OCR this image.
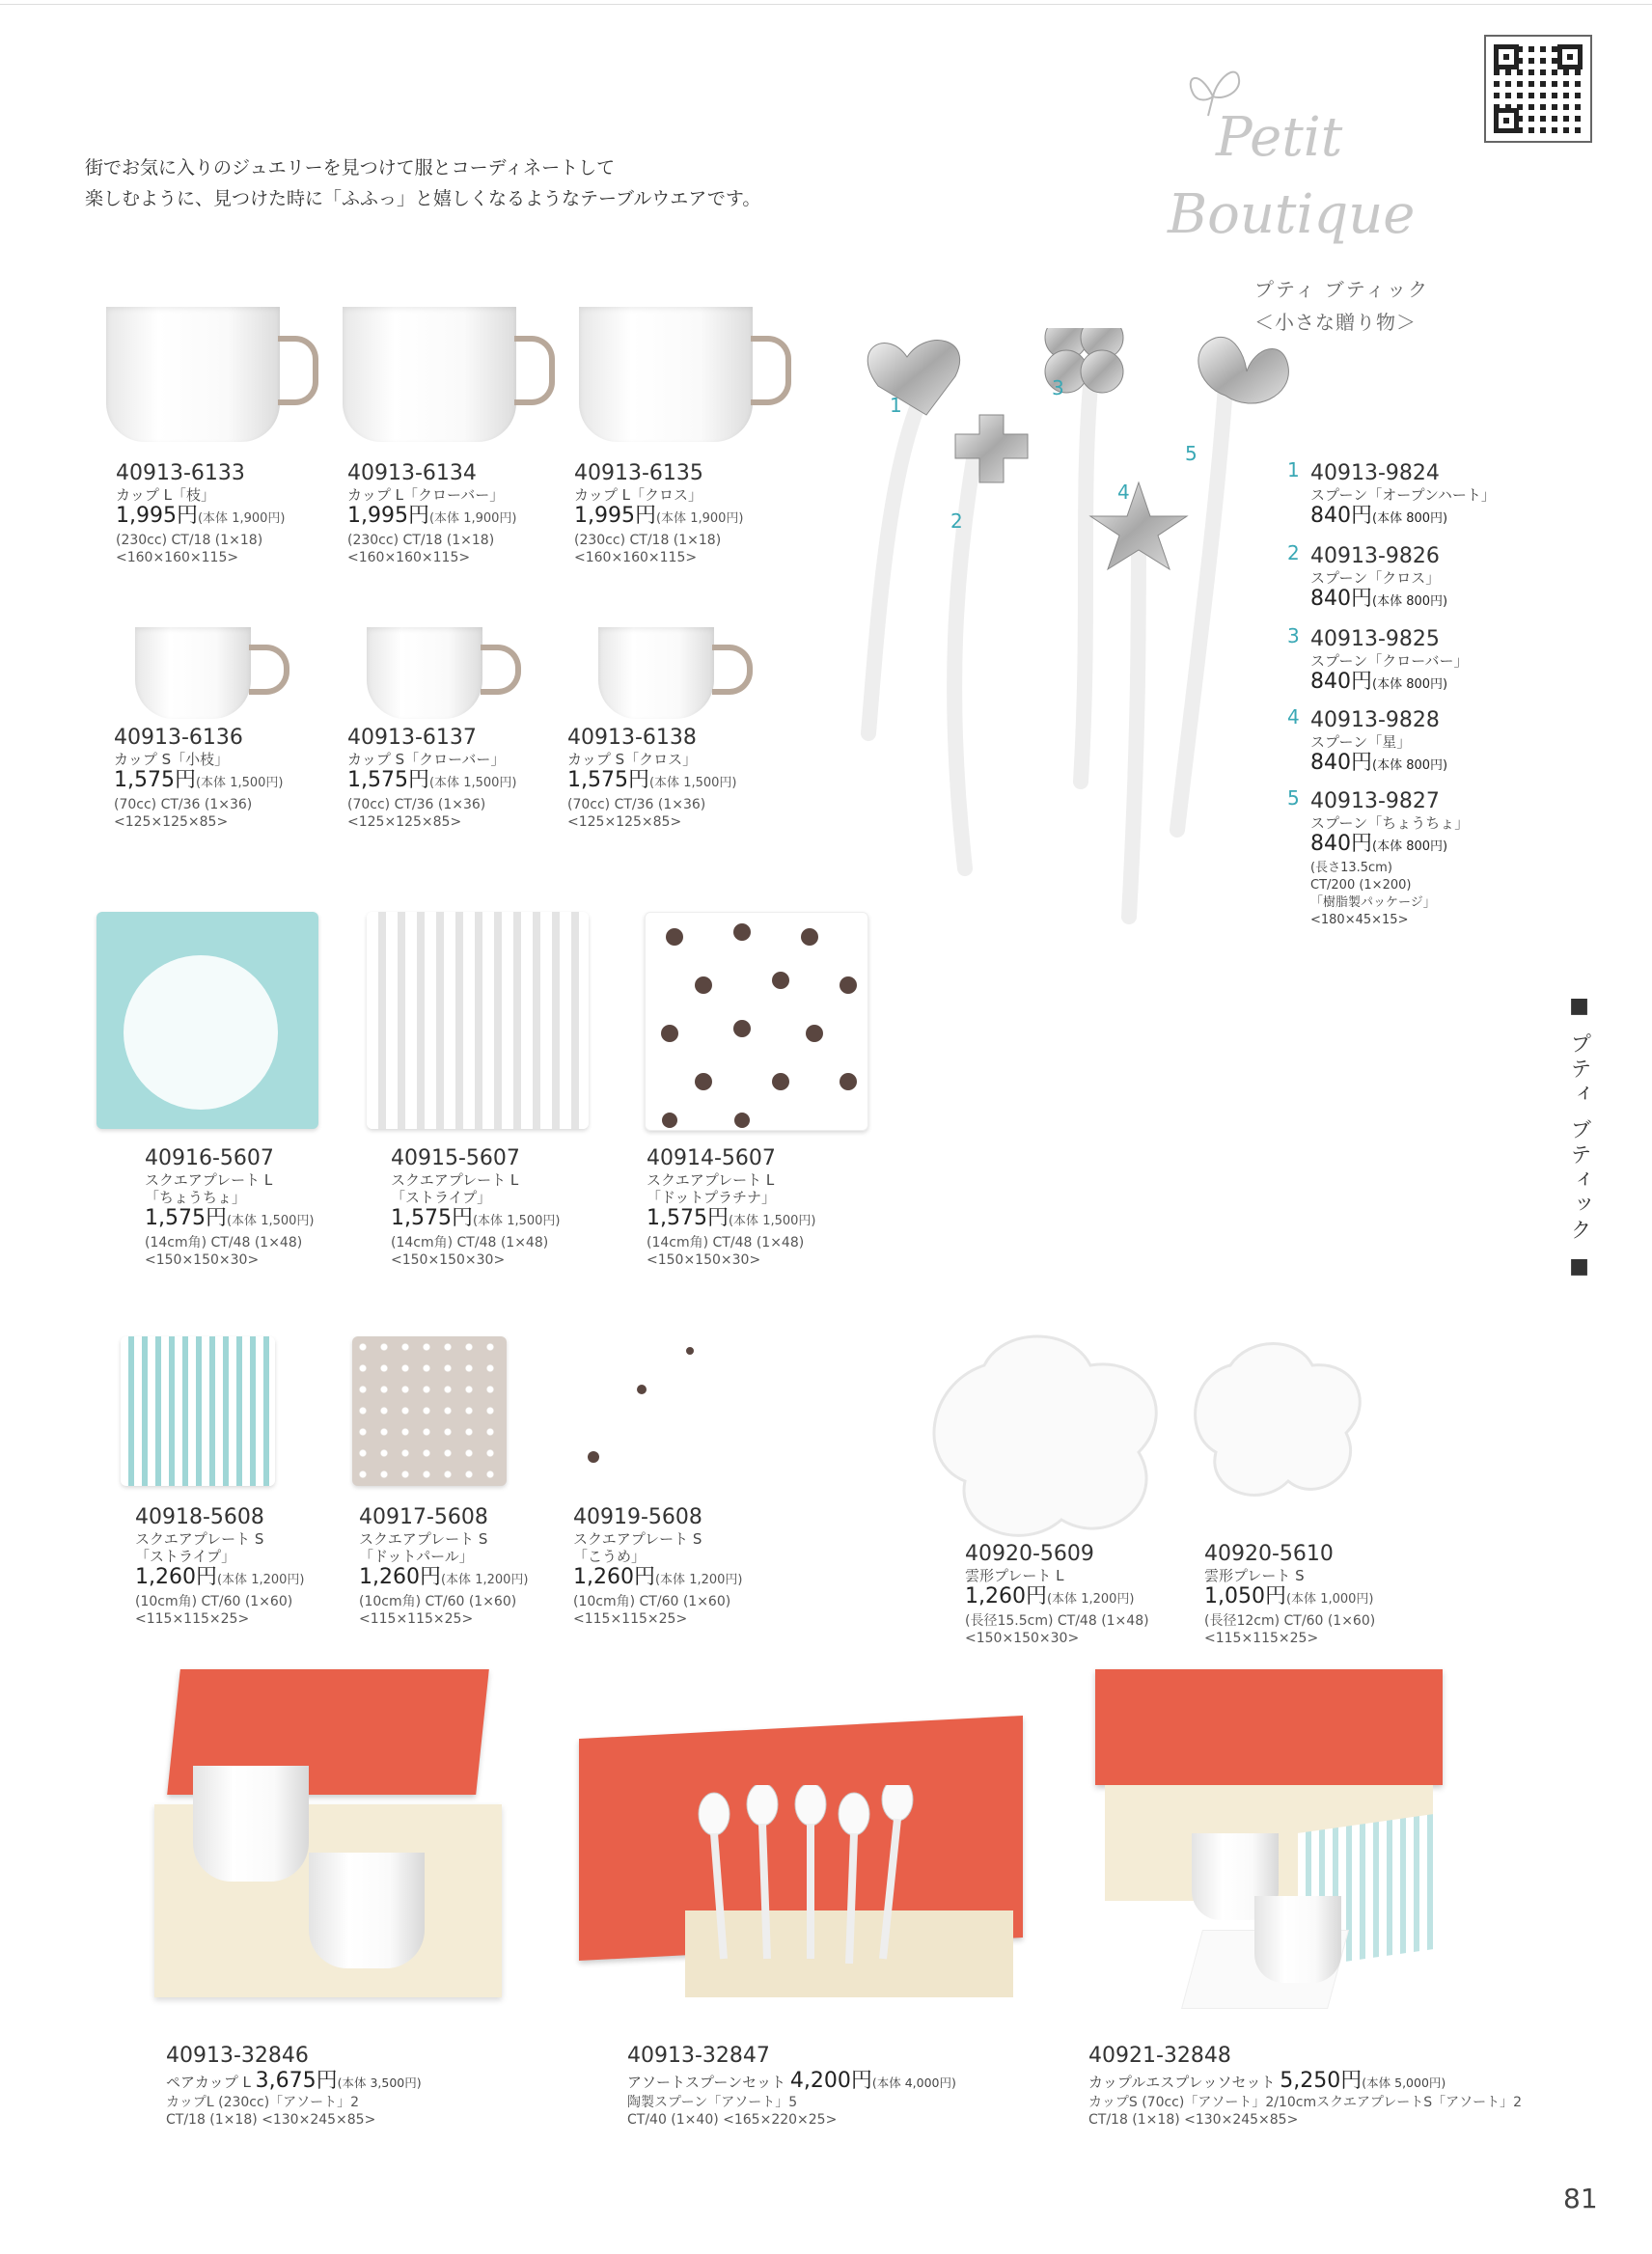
街でお気に入りのジュエリーを見つけて服とコーディネートして
楽しむように、見つけた時に「ふふっ」と嬉しくなるようなテーブルウエアです。
Petit
Boutique
プティ ブティック
＜小さな贈り物＞
40913-6133
カップ L「枝」
1,995円(本体 1,900円)
(230cc) CT/18 (1×18)
<160×160×115>
40913-6134
カップ L「クローバー」
1,995円(本体 1,900円)
(230cc) CT/18 (1×18)
<160×160×115>
40913-6135
カップ L「クロス」
1,995円(本体 1,900円)
(230cc) CT/18 (1×18)
<160×160×115>
40913-6136
カップ S「小枝」
1,575円(本体 1,500円)
(70cc) CT/36 (1×36)
<125×125×85>
40913-6137
カップ S「クローバー」
1,575円(本体 1,500円)
(70cc) CT/36 (1×36)
<125×125×85>
40913-6138
カップ S「クロス」
1,575円(本体 1,500円)
(70cc) CT/36 (1×36)
<125×125×85>
1
2
3
4
5
1 40913-9824
スプーン「オープンハート」
840円(本体 800円)
2 40913-9826
スプーン「クロス」
840円(本体 800円)
3 40913-9825
スプーン「クローバー」
840円(本体 800円)
4 40913-9828
スプーン「星」
840円(本体 800円)
5 40913-9827
スプーン「ちょうちょ」
840円(本体 800円)
(長さ13.5cm)
CT/200 (1×200)
「樹脂製パッケージ」
<180×45×15>
■ プティ ブティック ■
40916-5607
スクエアプレート L
「ちょうちょ」
1,575円(本体 1,500円)
(14cm角) CT/48 (1×48)
<150×150×30>
40915-5607
スクエアプレート L
「ストライプ」
1,575円(本体 1,500円)
(14cm角) CT/48 (1×48)
<150×150×30>
40914-5607
スクエアプレート L
「ドットプラチナ」
1,575円(本体 1,500円)
(14cm角) CT/48 (1×48)
<150×150×30>
40918-5608
スクエアプレート S
「ストライプ」
1,260円(本体 1,200円)
(10cm角) CT/60 (1×60)
<115×115×25>
40917-5608
スクエアプレート S
「ドットパール」
1,260円(本体 1,200円)
(10cm角) CT/60 (1×60)
<115×115×25>
40919-5608
スクエアプレート S
「こうめ」
1,260円(本体 1,200円)
(10cm角) CT/60 (1×60)
<115×115×25>
40920-5609
雲形プレート L
1,260円(本体 1,200円)
(長径15.5cm) CT/48 (1×48)
<150×150×30>
40920-5610
雲形プレート S
1,050円(本体 1,000円)
(長径12cm) CT/60 (1×60)
<115×115×25>
40913-32846
ペアカップ L 3,675円(本体 3,500円)
カップL (230cc)「アソート」2
CT/18 (1×18) <130×245×85>
40913-32847
アソートスプーンセット 4,200円(本体 4,000円)
陶製スプーン「アソート」5
CT/40 (1×40) <165×220×25>
40921-32848
カップルエスプレッソセット 5,250円(本体 5,000円)
カップS (70cc)「アソート」2/10cmスクエアプレートS「アソート」2
CT/18 (1×18) <130×245×85>
81
